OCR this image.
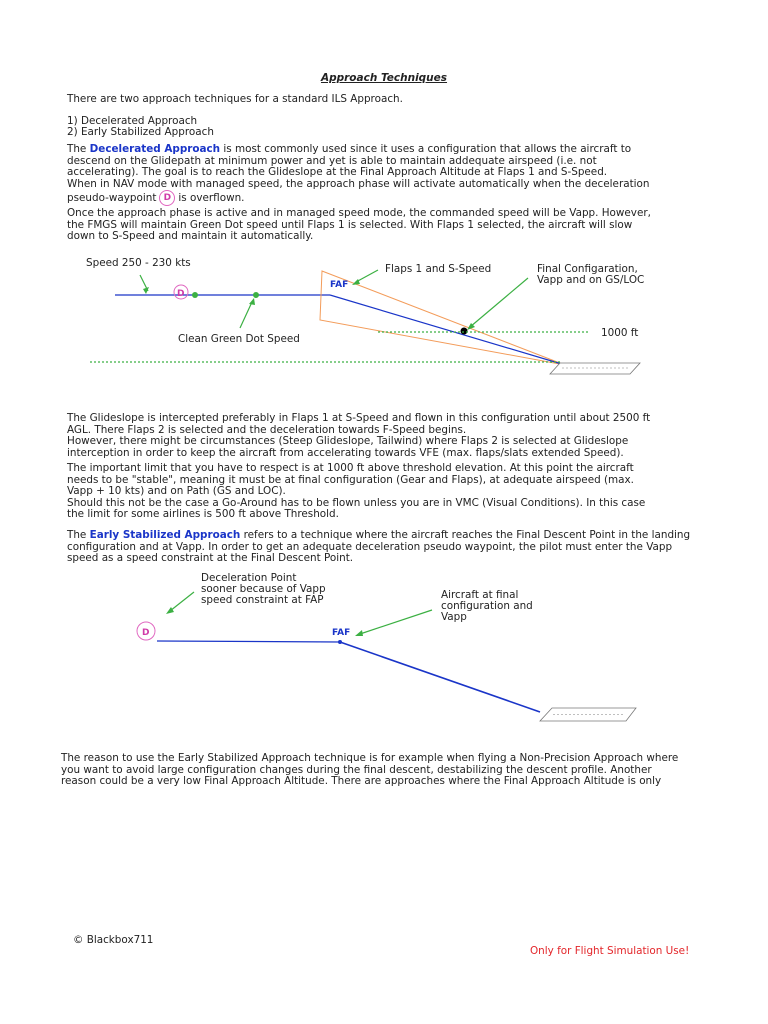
Approach Techniques

There are two approach techniques for a standard ILS Approach.

1) Decelerated Approach

2) Early Stabilized Approach

The Decelerated Approach is most commonly used since it uses a configuration that allows the aircraft to
descend on the Glidepath at minimum power and yet is able to maintain addequate airspeed (i.e. not
accelerating). The goal is to reach the Glideslope at the Final Approach Altitude at Flaps 1 and S-Speed.
When in NAV mode with managed speed, the approach phase will activate automatically when the deceleration
pseudo-waypoint D is overflown.
Once the approach phase is active and in managed speed mode, the commanded speed will be Vapp. However,
the FMGS will maintain Green Dot speed until Flaps 1 is selected. With Flaps 1 selected, the aircraft will slow
down to S-Speed and maintain it automatically.
Speed 250 - 230 kts
D
FAF
Flaps 1 and S-Speed	Final Configaration,
Vapp and on GS/LOC
1000 ft
Clean Green Dot Speed
The Glideslope is intercepted preferably in Flaps 1 at S-Speed and flown in this configuration until about 2500 ft
AGL. There Flaps 2 is selected and the deceleration towards F-Speed begins.
However, there might be circumstances (Steep Glideslope, Tailwind) where Flaps 2 is selected at Glideslope
interception in order to keep the aircraft from accelerating towards VFE (max. flaps/slats extended Speed).
The important limit that you have to respect is at 1000 ft above threshold elevation. At this point the aircraft
needs to be "stable", meaning it must be at final configuration (Gear and Flaps), at adequate airspeed (max.
Vapp + 10 kts) and on Path (GS and LOC).
Should this not be the case a Go-Around has to be flown unless you are in VMC (Visual Conditions). In this case
the limit for some airlines is 500 ft above Threshold.
The Early Stabilized Approach refers to a technique where the aircraft reaches the Final Descent Point in the landing
configuration and at Vapp. In order to get an adequate deceleration pseudo waypoint, the pilot must enter the Vapp
speed as a speed constraint at the Final Descent Point.
Deceleration Point
sooner because of Vapp
speed constraint at FAP	Aircraft at final
configuration and
Vapp
D	FAF
The reason to use the Early Stabilized Approach technique is for example when flying a Non-Precision Approach where
you want to avoid large configuration changes during the final descent, destabilizing the descent profile. Another
reason could be a very low Final Approach Altitude. There are approaches where the Final Approach Altitude is only
© Blackbox711
Only for Flight Simulation Use!
